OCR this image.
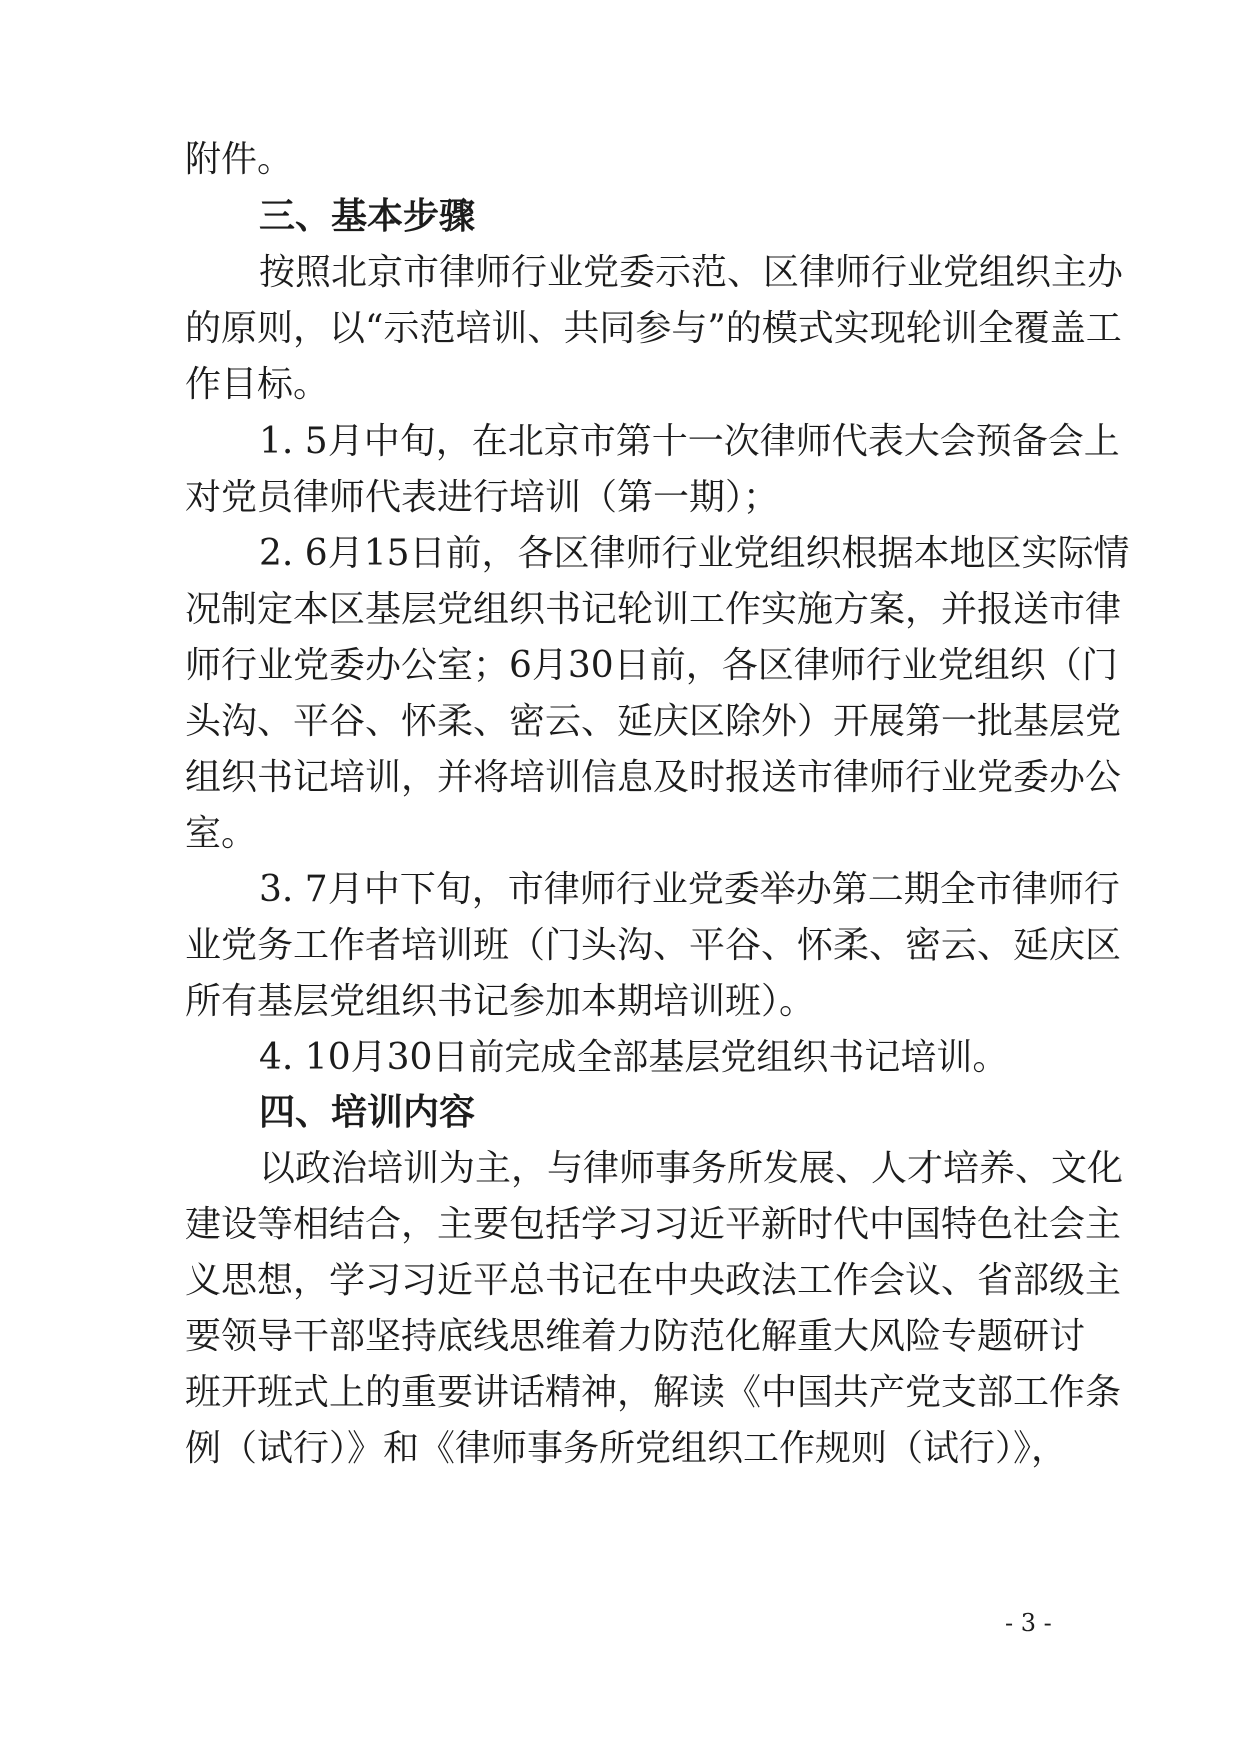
附件。
三、基本步骤
按照北京市律师行业党委示范、区律师行业党组织主办
的原则，以“示范培训、共同参与”的模式实现轮训全覆盖工
作目标。
1. 5月中旬，在北京市第十一次律师代表大会预备会上
对党员律师代表进行培训（第一期）；
2. 6月15日前，各区律师行业党组织根据本地区实际情
况制定本区基层党组织书记轮训工作实施方案，并报送市律
师行业党委办公室；6月30日前，各区律师行业党组织（门
头沟、平谷、怀柔、密云、延庆区除外）开展第一批基层党
组织书记培训，并将培训信息及时报送市律师行业党委办公
室。
3. 7月中下旬，市律师行业党委举办第二期全市律师行
业党务工作者培训班（门头沟、平谷、怀柔、密云、延庆区
所有基层党组织书记参加本期培训班）。
4. 10月30日前完成全部基层党组织书记培训。
四、培训内容
以政治培训为主，与律师事务所发展、人才培养、文化
建设等相结合，主要包括学习习近平新时代中国特色社会主
义思想，学习习近平总书记在中央政法工作会议、省部级主
要领导干部坚持底线思维着力防范化解重大风险专题研讨
班开班式上的重要讲话精神，解读《中国共产党支部工作条
例（试行）》和《律师事务所党组织工作规则（试行）》，
- 3 -
